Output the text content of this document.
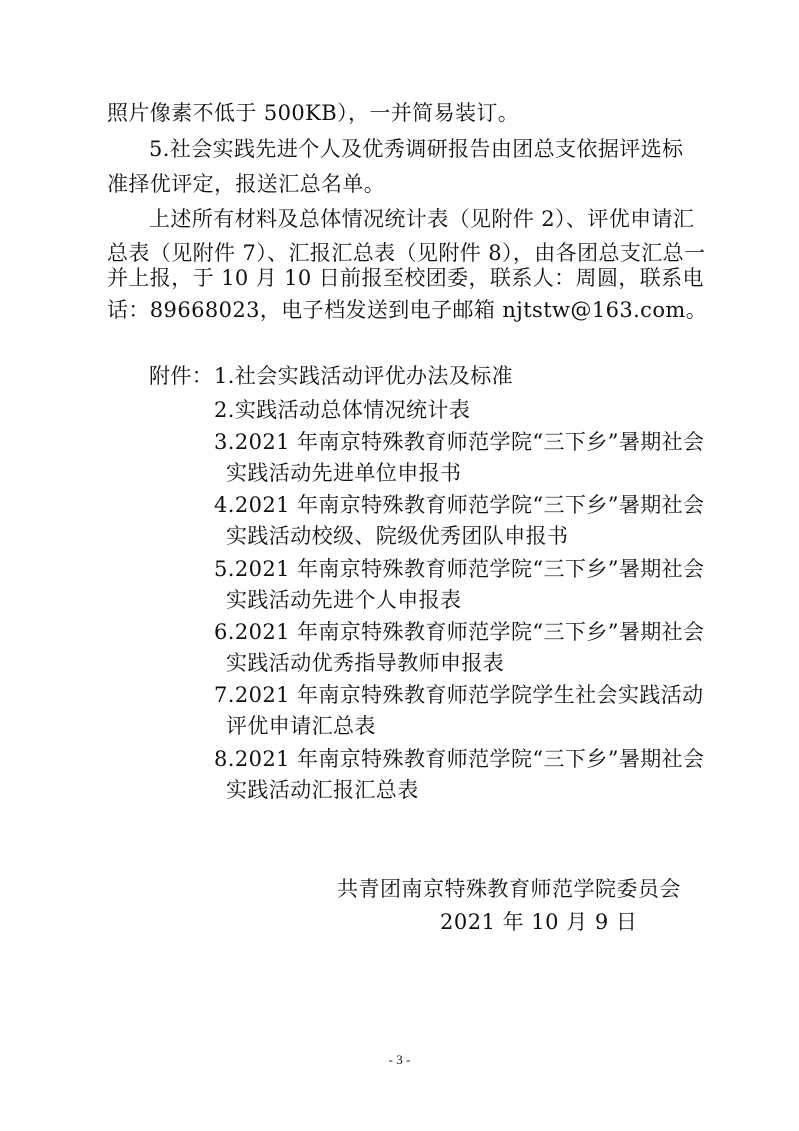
照片像素不低于 500KB），一并简易装订。
5.社会实践先进个人及优秀调研报告由团总支依据评选标
准择优评定，报送汇总名单。
上述所有材料及总体情况统计表（见附件 2）、评优申请汇
总表（见附件 7）、汇报汇总表（见附件 8），由各团总支汇总一
并上报，于 10 月 10 日前报至校团委，联系人：周圆，联系电
话：89668023，电子档发送到电子邮箱 njtstw@163.com。
附件： 1.社会实践活动评优办法及标准
2.实践活动总体情况统计表
3.2021 年南京特殊教育师范学院“三下乡”暑期社会
实践活动先进单位申报书
4.2021 年南京特殊教育师范学院“三下乡”暑期社会
实践活动校级、院级优秀团队申报书
5.2021 年南京特殊教育师范学院“三下乡”暑期社会
实践活动先进个人申报表
6.2021 年南京特殊教育师范学院“三下乡”暑期社会
实践活动优秀指导教师申报表
7.2021 年南京特殊教育师范学院学生社会实践活动
评优申请汇总表
8.2021 年南京特殊教育师范学院“三下乡”暑期社会
实践活动汇报汇总表
共青团南京特殊教育师范学院委员会
2021 年 10 月 9 日
- 3 -
